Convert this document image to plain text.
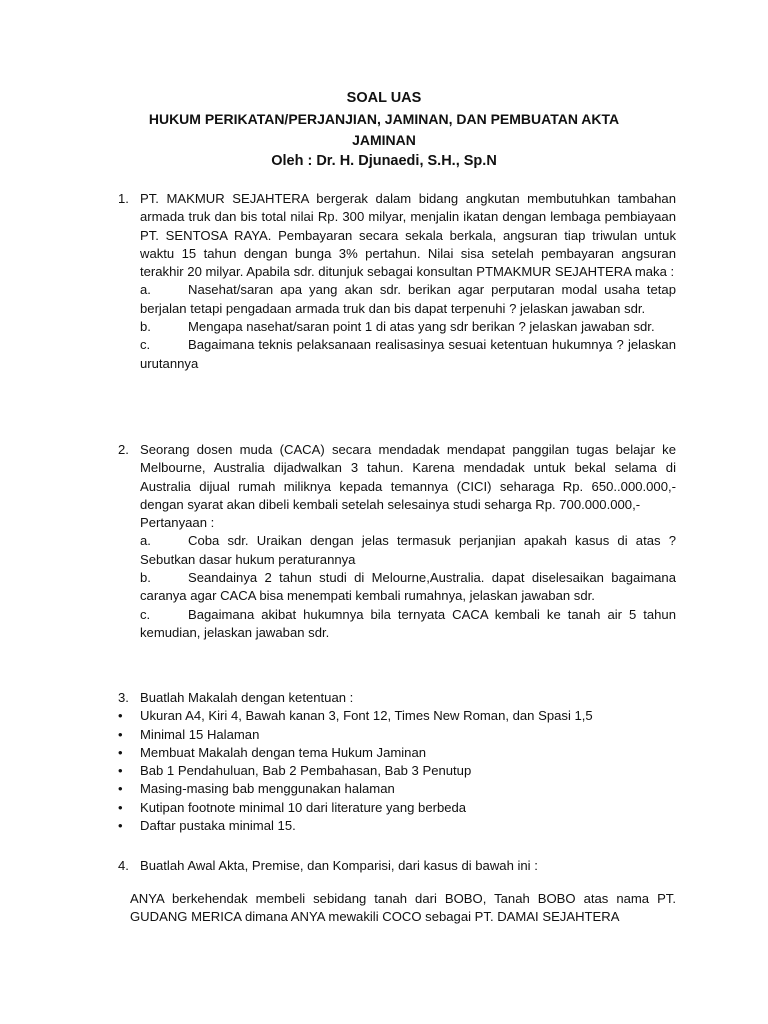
SOAL UAS
HUKUM PERIKATAN/PERJANJIAN, JAMINAN, DAN PEMBUATAN AKTA
JAMINAN
Oleh : Dr. H. Djunaedi, S.H., Sp.N
1. PT. MAKMUR SEJAHTERA bergerak dalam bidang angkutan membutuhkan tambahan armada truk dan bis total nilai Rp. 300 milyar, menjalin ikatan dengan lembaga pembiayaan PT. SENTOSA RAYA. Pembayaran secara sekala berkala, angsuran tiap triwulan untuk waktu 15 tahun dengan bunga 3% pertahun. Nilai sisa setelah pembayaran angsuran terakhir 20 milyar. Apabila sdr. ditunjuk sebagai konsultan PTMAKMUR SEJAHTERA maka :

a.	Nasehat/saran apa yang akan sdr. berikan agar perputaran modal usaha tetap berjalan tetapi pengadaan armada truk dan bis dapat terpenuhi ? jelaskan jawaban sdr.
b.	Mengapa nasehat/saran point 1 di atas yang sdr berikan ? jelaskan jawaban sdr.
c.	Bagaimana teknis pelaksanaan realisasinya sesuai ketentuan hukumnya ? jelaskan urutannya
2. Seorang dosen muda (CACA) secara mendadak mendapat panggilan tugas belajar ke Melbourne, Australia dijadwalkan 3 tahun. Karena mendadak untuk bekal selama di Australia dijual rumah miliknya kepada temannya (CICI) seharaga Rp. 650..000.000,- dengan syarat akan dibeli kembali setelah selesainya studi seharga Rp. 700.000.000,-

Pertanyaan :

a.	Coba sdr. Uraikan dengan jelas termasuk perjanjian apakah kasus di atas ? Sebutkan dasar hukum peraturannya
b.	Seandainya 2 tahun studi di Melourne,Australia. dapat diselesaikan bagaimana caranya agar CACA bisa menempati kembali rumahnya, jelaskan jawaban sdr.
c.	Bagaimana akibat hukumnya bila ternyata CACA kembali ke tanah air 5 tahun kemudian, jelaskan jawaban sdr.
3. Buatlah Makalah dengan ketentuan :

• Ukuran A4, Kiri 4, Bawah kanan 3, Font 12, Times New Roman, dan Spasi 1,5
• Minimal 15 Halaman
• Membuat Makalah dengan tema Hukum Jaminan
• Bab 1 Pendahuluan, Bab 2 Pembahasan, Bab 3 Penutup
• Masing-masing bab menggunakan halaman
• Kutipan footnote minimal 10 dari literature yang berbeda
• Daftar pustaka minimal 15.
4. Buatlah Awal Akta, Premise, dan Komparisi, dari kasus di bawah ini :

ANYA berkehendak membeli sebidang tanah dari BOBO, Tanah BOBO atas nama PT. GUDANG MERICA dimana ANYA mewakili COCO sebagai PT. DAMAI SEJAHTERA
